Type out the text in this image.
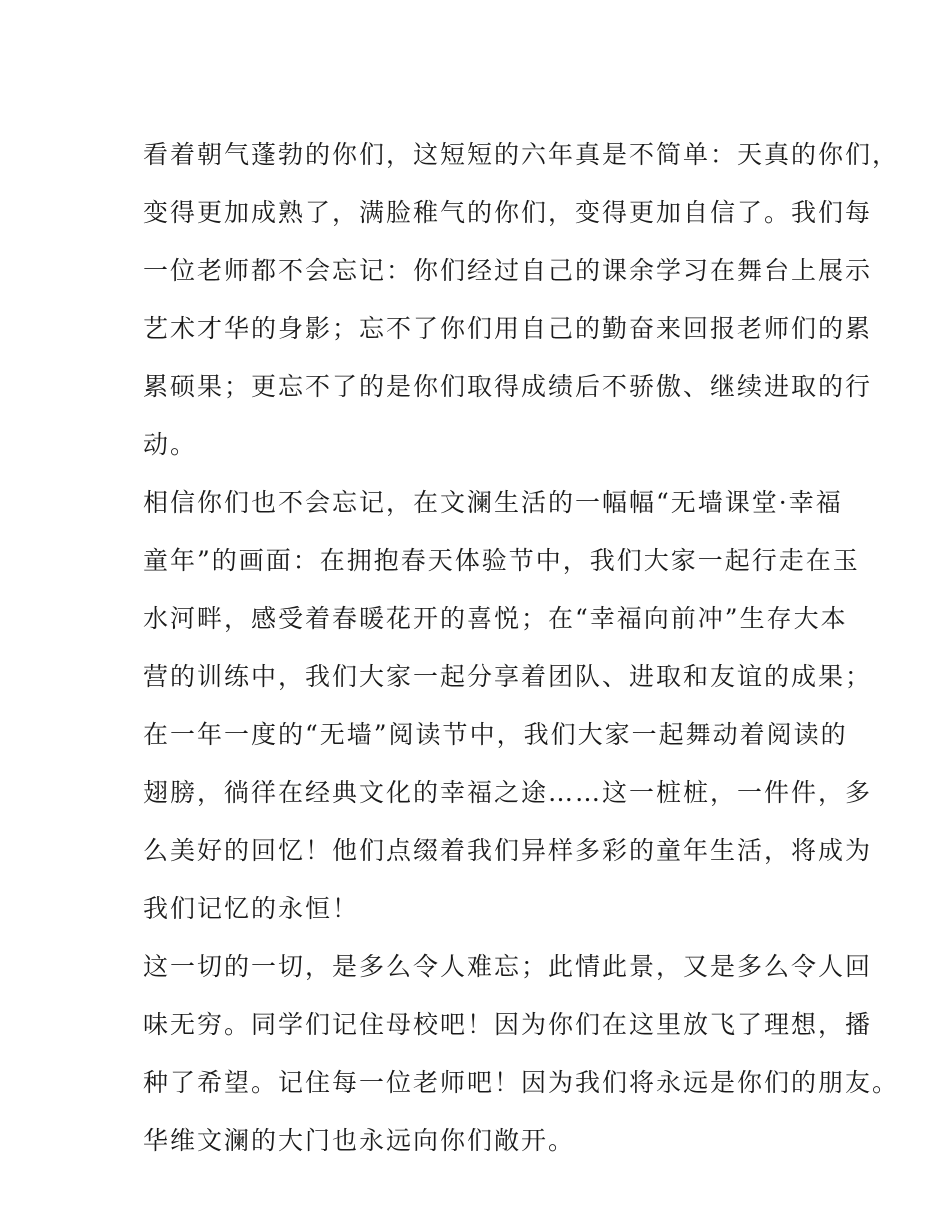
看着朝气蓬勃的你们，这短短的六年真是不简单：天真的你们，
变得更加成熟了，满脸稚气的你们，变得更加自信了。我们每
一位老师都不会忘记：你们经过自己的课余学习在舞台上展示
艺术才华的身影；忘不了你们用自己的勤奋来回报老师们的累
累硕果；更忘不了的是你们取得成绩后不骄傲、继续进取的行
动。
相信你们也不会忘记，在文澜生活的一幅幅“无墙课堂·幸福
童年”的画面：在拥抱春天体验节中，我们大家一起行走在玉
水河畔，感受着春暖花开的喜悦；在“幸福向前冲”生存大本
营的训练中，我们大家一起分享着团队、进取和友谊的成果；
在一年一度的“无墙”阅读节中，我们大家一起舞动着阅读的
翅膀，徜徉在经典文化的幸福之途……这一桩桩，一件件，多
么美好的回忆！他们点缀着我们异样多彩的童年生活，将成为
我们记忆的永恒！
这一切的一切，是多么令人难忘；此情此景，又是多么令人回
味无穷。同学们记住母校吧！因为你们在这里放飞了理想，播
种了希望。记住每一位老师吧！因为我们将永远是你们的朋友。
华维文澜的大门也永远向你们敞开。
